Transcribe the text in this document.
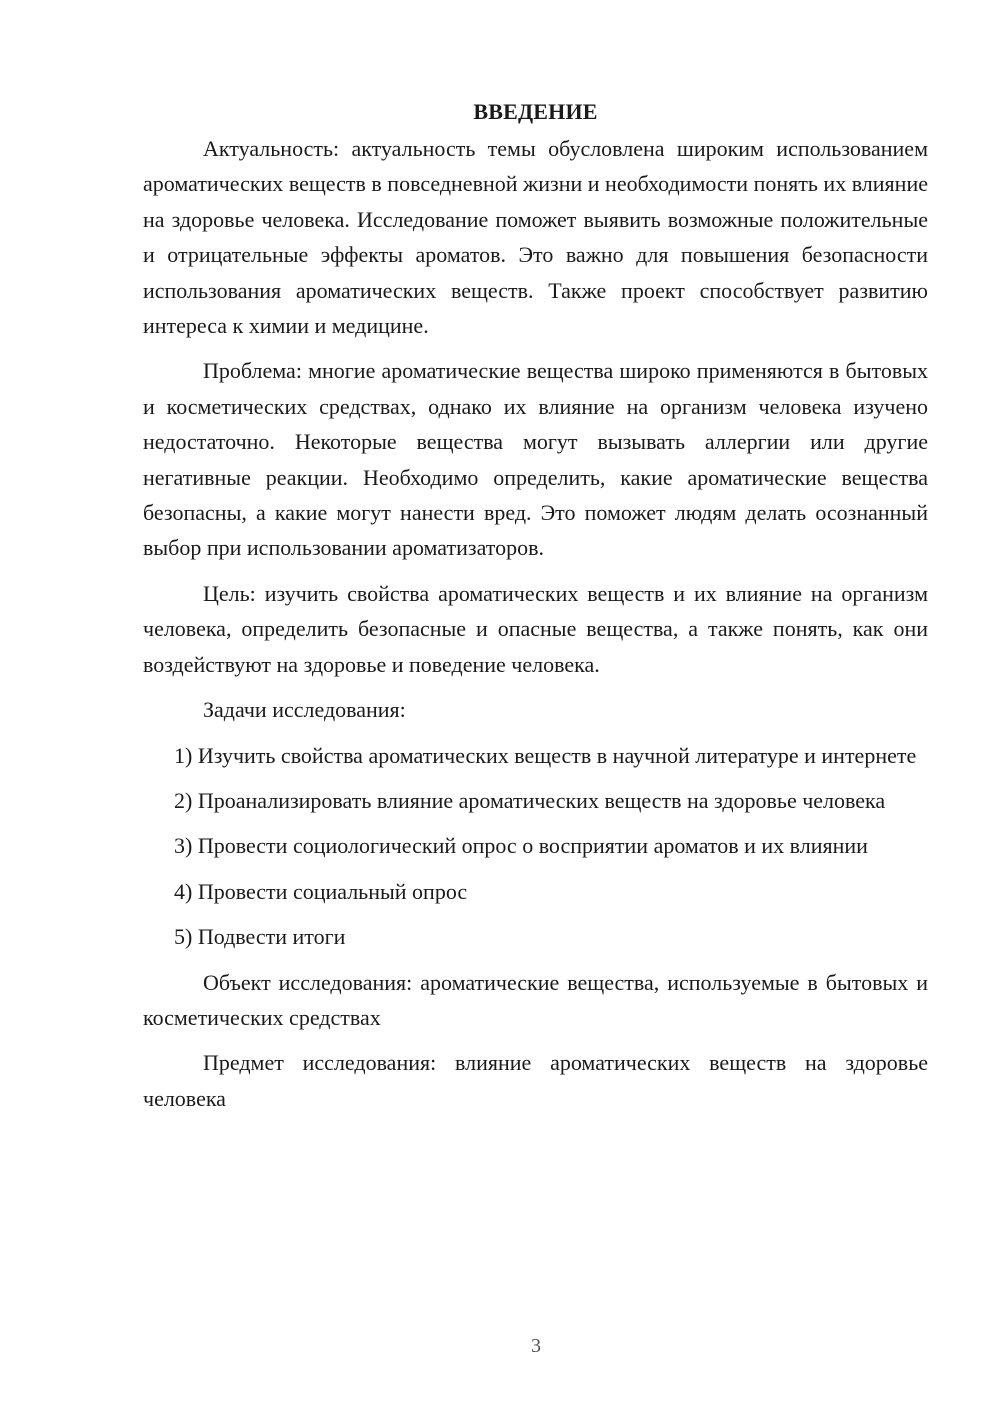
ВВЕДЕНИЕ

Актуальность: актуальность темы обусловлена широким использованием ароматических веществ в повседневной жизни и необходимости понять их влияние на здоровье человека. Исследование поможет выявить возможные положительные и отрицательные эффекты ароматов. Это важно для повышения безопасности использования ароматических веществ. Также проект способствует развитию интереса к химии и медицине.

Проблема: многие ароматические вещества широко применяются в бытовых и косметических средствах, однако их влияние на организм человека изучено недостаточно. Некоторые вещества могут вызывать аллергии или другие негативные реакции. Необходимо определить, какие ароматические вещества безопасны, а какие могут нанести вред. Это поможет людям делать осознанный выбор при использовании ароматизаторов.

Цель: изучить свойства ароматических веществ и их влияние на организм человека, определить безопасные и опасные вещества, а также понять, как они воздействуют на здоровье и поведение человека.

Задачи исследования:

1) Изучить свойства ароматических веществ в научной литературе и интернете

2) Проанализировать влияние ароматических веществ на здоровье человека

3) Провести социологический опрос о восприятии ароматов и их влиянии

4) Провести социальный опрос

5) Подвести итоги

Объект исследования: ароматические вещества, используемые в бытовых и косметических средствах

Предмет исследования: влияние ароматических веществ на здоровье человека

3
